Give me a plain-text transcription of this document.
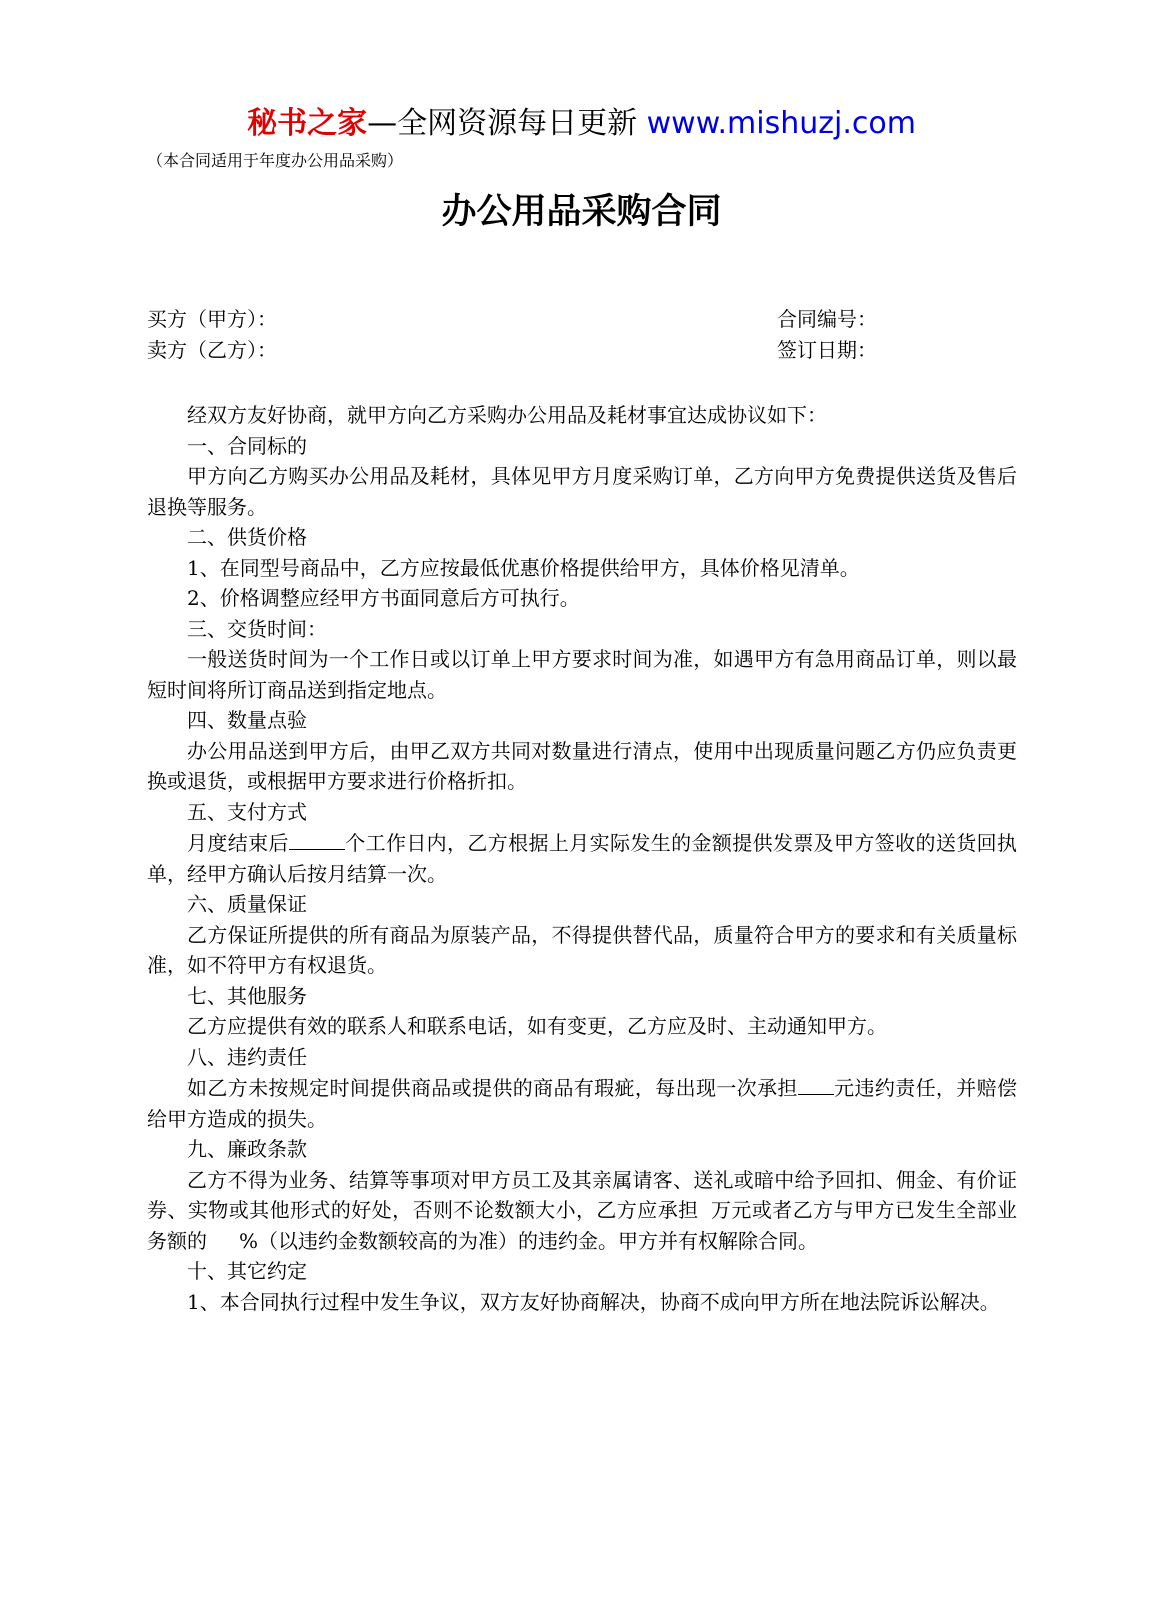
秘书之家—全网资源每日更新 www.mishuzj.com
（本合同适用于年度办公用品采购）
办公用品采购合同
买方（甲方）：	合同编号：
卖方（乙方）：	签订日期：

经双方友好协商，就甲方向乙方采购办公用品及耗材事宜达成协议如下：

一、合同标的

甲方向乙方购买办公用品及耗材，具体见甲方月度采购订单，乙方向甲方免费提供送货及售后退换等服务。

二、供货价格

1、在同型号商品中，乙方应按最低优惠价格提供给甲方，具体价格见清单。

2、价格调整应经甲方书面同意后方可执行。

三、交货时间：

一般送货时间为一个工作日或以订单上甲方要求时间为准，如遇甲方有急用商品订单，则以最短时间将所订商品送到指定地点。

四、数量点验

办公用品送到甲方后，由甲乙双方共同对数量进行清点，使用中出现质量问题乙方仍应负责更换或退货，或根据甲方要求进行价格折扣。

五、支付方式

月度结束后	个工作日内，乙方根据上月实际发生的金额提供发票及甲方签收的送货回执单，经甲方确认后按月结算一次。

六、质量保证

乙方保证所提供的所有商品为原装产品，不得提供替代品，质量符合甲方的要求和有关质量标准，如不符甲方有权退货。

七、其他服务

乙方应提供有效的联系人和联系电话，如有变更，乙方应及时、主动通知甲方。

八、违约责任

如乙方未按规定时间提供商品或提供的商品有瑕疵，每出现一次承担 元违约责任，并赔偿给甲方造成的损失。

九、廉政条款

乙方不得为业务、结算等事项对甲方员工及其亲属请客、送礼或暗中给予回扣、佣金、有价证券、实物或其他形式的好处，否则不论数额大小，乙方应承担 万元或者乙方与甲方已发生全部业务额的 %（以违约金数额较高的为准）的违约金。甲方并有权解除合同。

十、其它约定

1、本合同执行过程中发生争议，双方友好协商解决，协商不成向甲方所在地法院诉讼解决。
